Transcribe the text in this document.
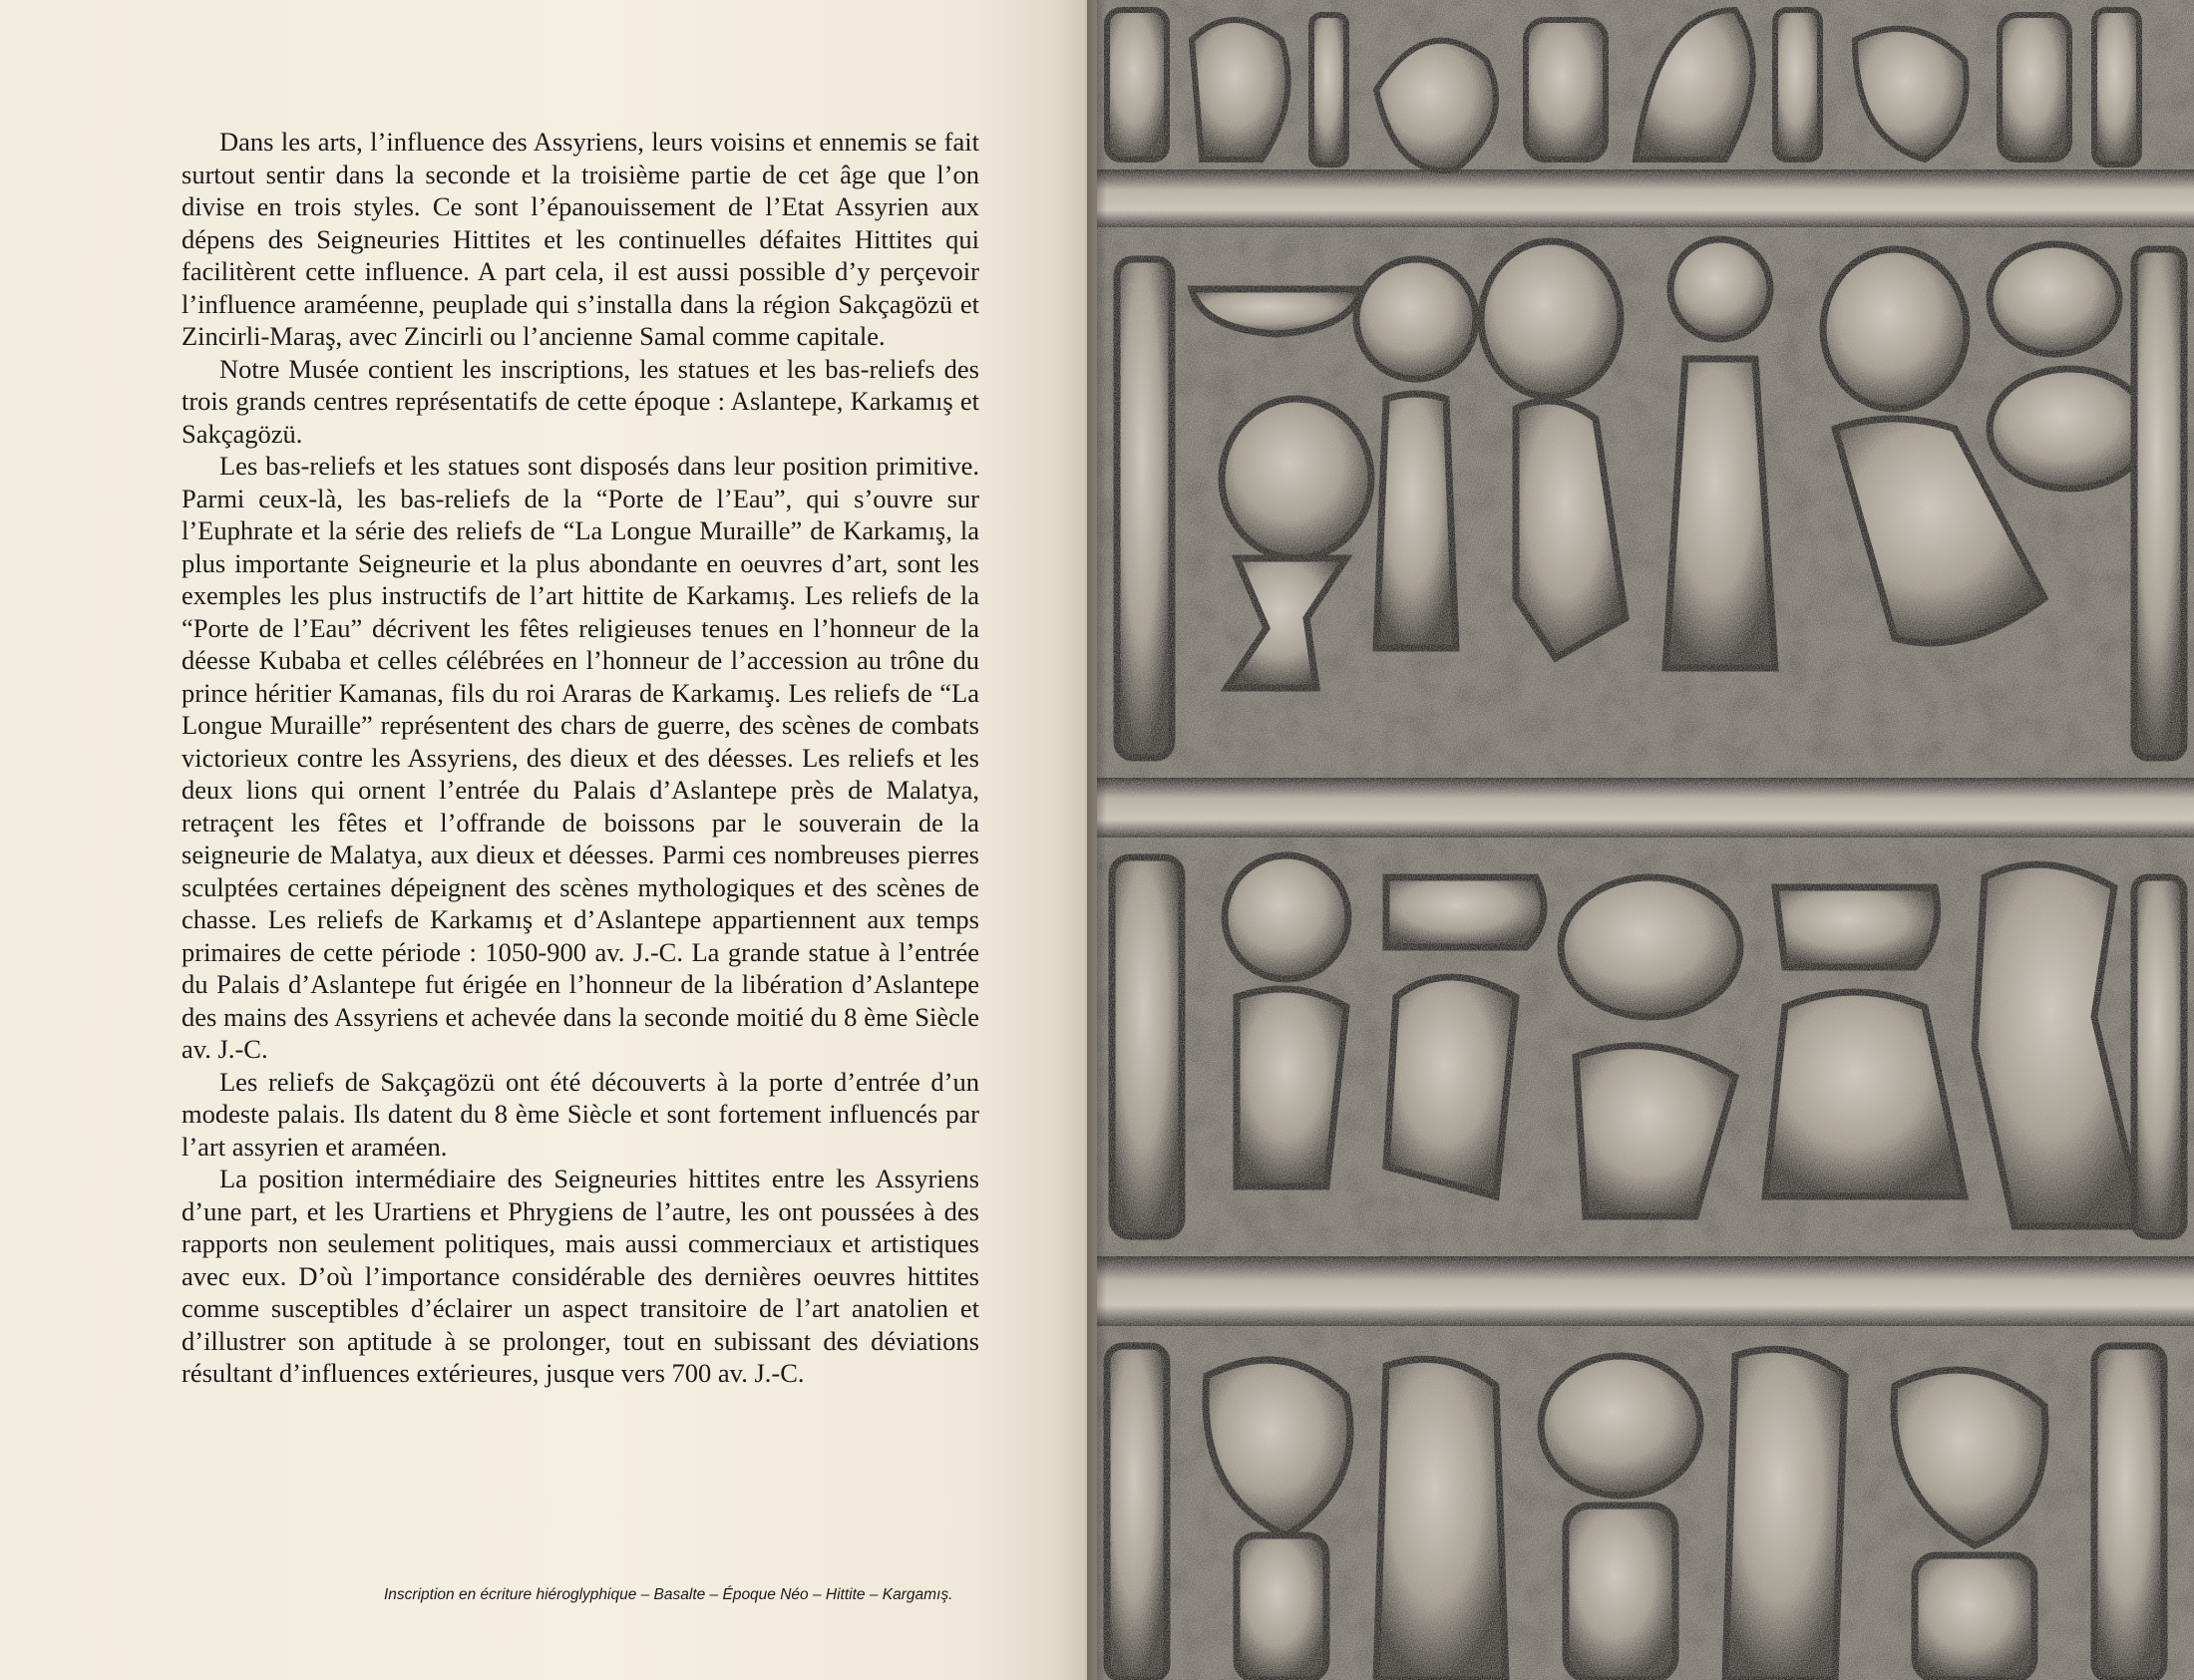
Dans les arts, l’influence des Assyriens, leurs voisins et ennemis se fait surtout sentir dans la seconde et la troisième partie de cet âge que l’on divise en trois styles. Ce sont l’épanouissement de l’Etat Assyrien aux dépens des Seigneuries Hittites et les continuelles défaites Hittites qui facilitèrent cette influence. A part cela, il est aussi possible d’y perçevoir l’influence araméenne, peuplade qui s’installa dans la région Sakçagözü et Zincirli-Maraş, avec Zincirli ou l’ancienne Samal comme capitale.

Notre Musée contient les inscriptions, les statues et les bas-reliefs des trois grands centres représentatifs de cette époque : Aslantepe, Karkamış et Sakçagözü.

Les bas-reliefs et les statues sont disposés dans leur position primitive. Parmi ceux-là, les bas-reliefs de la “Porte de l’Eau”, qui s’ouvre sur l’Euphrate et la série des reliefs de “La Longue Muraille” de Karkamış, la plus importante Seigneurie et la plus abondante en oeuvres d’art, sont les exemples les plus instructifs de l’art hittite de Karkamış. Les reliefs de la “Porte de l’Eau” décrivent les fêtes religieuses tenues en l’honneur de la déesse Kubaba et celles célébrées en l’honneur de l’accession au trône du prince héritier Kamanas, fils du roi Araras de Karkamış. Les reliefs de “La Longue Muraille” représentent des chars de guerre, des scènes de combats victorieux contre les Assyriens, des dieux et des déesses. Les reliefs et les deux lions qui ornent l’entrée du Palais d’Aslantepe près de Malatya, retraçent les fêtes et l’offrande de boissons par le souverain de la seigneurie de Malatya, aux dieux et déesses. Parmi ces nombreuses pierres sculptées certaines dépeignent des scènes mythologiques et des scènes de chasse. Les reliefs de Karkamış et d’Aslantepe appartiennent aux temps primaires de cette période : 1050-900 av. J.-C. La grande statue à l’entrée du Palais d’Aslantepe fut érigée en l’honneur de la libération d’Aslantepe des mains des Assyriens et achevée dans la seconde moitié du 8 ème Siècle av. J.-C.

Les reliefs de Sakçagözü ont été découverts à la porte d’entrée d’un modeste palais. Ils datent du 8 ème Siècle et sont fortement influencés par l’art assyrien et araméen.

La position intermédiaire des Seigneuries hittites entre les Assyriens d’une part, et les Urartiens et Phrygiens de l’autre, les ont poussées à des rapports non seulement politiques, mais aussi commerciaux et artistiques avec eux. D’où l’importance considérable des dernières oeuvres hittites comme susceptibles d’éclairer un aspect transitoire de l’art anatolien et d’illustrer son aptitude à se prolonger, tout en subissant des déviations résultant d’influences extérieures, jusque vers 700 av. J.-C.

Inscription en écriture hiéroglyphique – Basalte – Époque Néo – Hittite – Kargamış.
